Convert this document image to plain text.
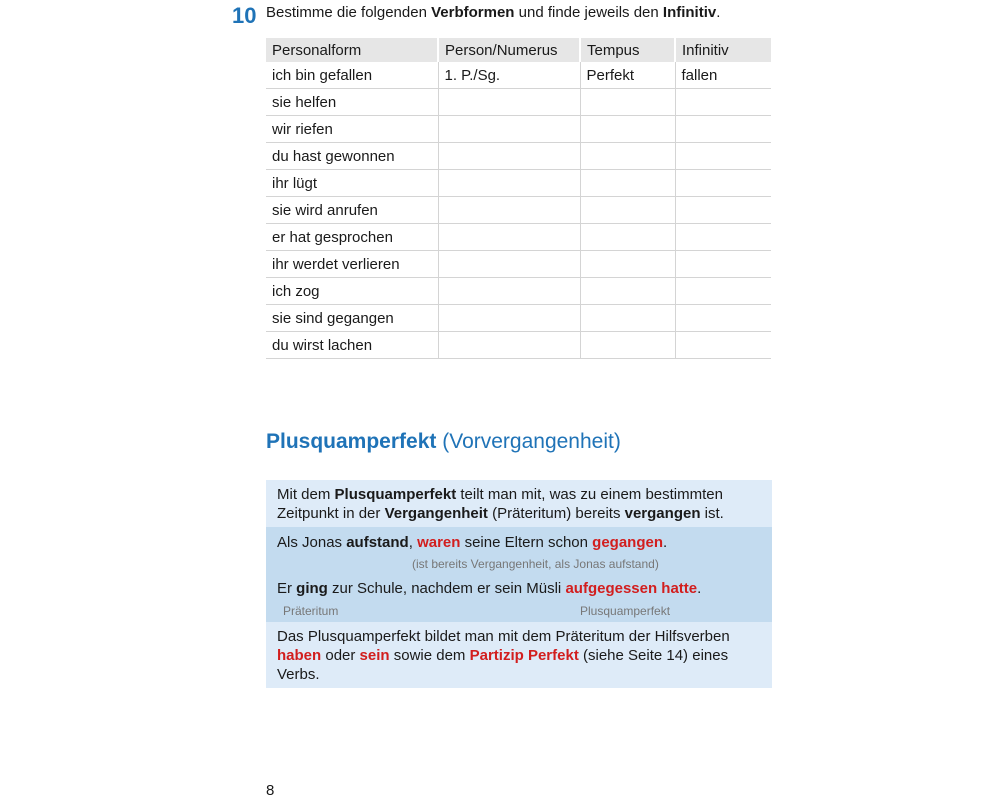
10 Bestimme die folgenden Verbformen und finde jeweils den Infinitiv.
Personalform	Person/Numerus	Tempus	Infinitiv
ich bin gefallen	1. P./Sg.	Perfekt	fallen
sie helfen			
wir riefen			
du hast gewonnen			
ihr lügt			
sie wird anrufen			
er hat gesprochen			
ihr werdet verlieren			
ich zog			
sie sind gegangen			
du wirst lachen			
Plusquamperfekt (Vorvergangenheit)
Mit dem Plusquamperfekt teilt man mit, was zu einem bestimmten Zeitpunkt in der Vergangenheit (Präteritum) bereits vergangen ist.
Als Jonas aufstand, waren seine Eltern schon gegangen.
(ist bereits Vergangenheit, als Jonas aufstand)
Er ging zur Schule, nachdem er sein Müsli aufgegessen hatte.
Präteritum	Plusquamperfekt
Das Plusquamperfekt bildet man mit dem Präteritum der Hilfsverben haben oder sein sowie dem Partizip Perfekt (siehe Seite 14) eines Verbs.
8
